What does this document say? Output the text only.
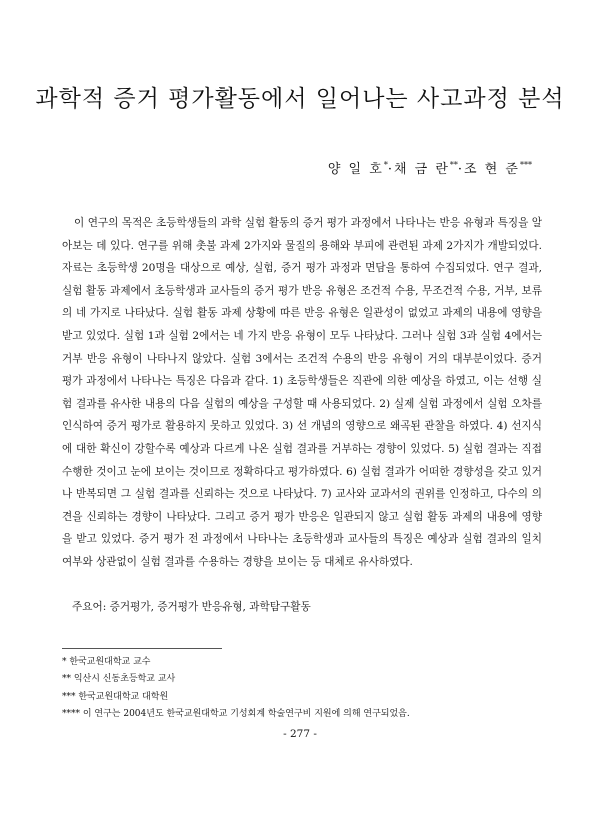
과학적 증거 평가활동에서 일어나는 사고과정 분석
양 일 호*·채 금 란**·조 현 준***

이 연구의 목적은 초등학생들의 과학 실험 활동의 증거 평가 과정에서 나타나는 반응 유형과 특징을 알아보는 데 있다. 연구를 위해 촛불 과제 2가지와 물질의 용해와 부피에 관련된 과제 2가지가 개발되었다. 자료는 초등학생 20명을 대상으로 예상, 실험, 증거 평가 과정과 면담을 통하여 수집되었다. 연구 결과, 실험 활동 과제에서 초등학생과 교사들의 증거 평가 반응 유형은 조건적 수용, 무조건적 수용, 거부, 보류의 네 가지로 나타났다. 실험 활동 과제 상황에 따른 반응 유형은 일관성이 없었고 과제의 내용에 영향을 받고 있었다. 실험 1과 실험 2에서는 네 가지 반응 유형이 모두 나타났다. 그러나 실험 3과 실험 4에서는 거부 반응 유형이 나타나지 않았다. 실험 3에서는 조건적 수용의 반응 유형이 거의 대부분이었다. 증거 평가 과정에서 나타나는 특징은 다음과 같다. 1) 초등학생들은 직관에 의한 예상을 하였고, 이는 선행 실험 결과를 유사한 내용의 다음 실험의 예상을 구성할 때 사용되었다. 2) 실제 실험 과정에서 실험 오차를 인식하여 증거 평가로 활용하지 못하고 있었다. 3) 선 개념의 영향으로 왜곡된 관찰을 하였다. 4) 선지식에 대한 확신이 강할수록 예상과 다르게 나온 실험 결과를 거부하는 경향이 있었다. 5) 실험 결과는 직접 수행한 것이고 눈에 보이는 것이므로 정확하다고 평가하였다. 6) 실험 결과가 어떠한 경향성을 갖고 있거나 반복되면 그 실험 결과를 신뢰하는 것으로 나타났다. 7) 교사와 교과서의 권위를 인정하고, 다수의 의견을 신뢰하는 경향이 나타났다. 그리고 증거 평가 반응은 일관되지 않고 실험 활동 과제의 내용에 영향을 받고 있었다. 증거 평가 전 과정에서 나타나는 초등학생과 교사들의 특징은 예상과 실험 결과의 일치 여부와 상관없이 실험 결과를 수용하는 경향을 보이는 등 대체로 유사하였다.

주요어: 증거평가, 증거평가 반응유형, 과학탐구활동
* 한국교원대학교 교수
** 익산시 신동초등학교 교사
*** 한국교원대학교 대학원
**** 이 연구는 2004년도 한국교원대학교 기성회계 학술연구비 지원에 의해 연구되었음.
- 277 -
